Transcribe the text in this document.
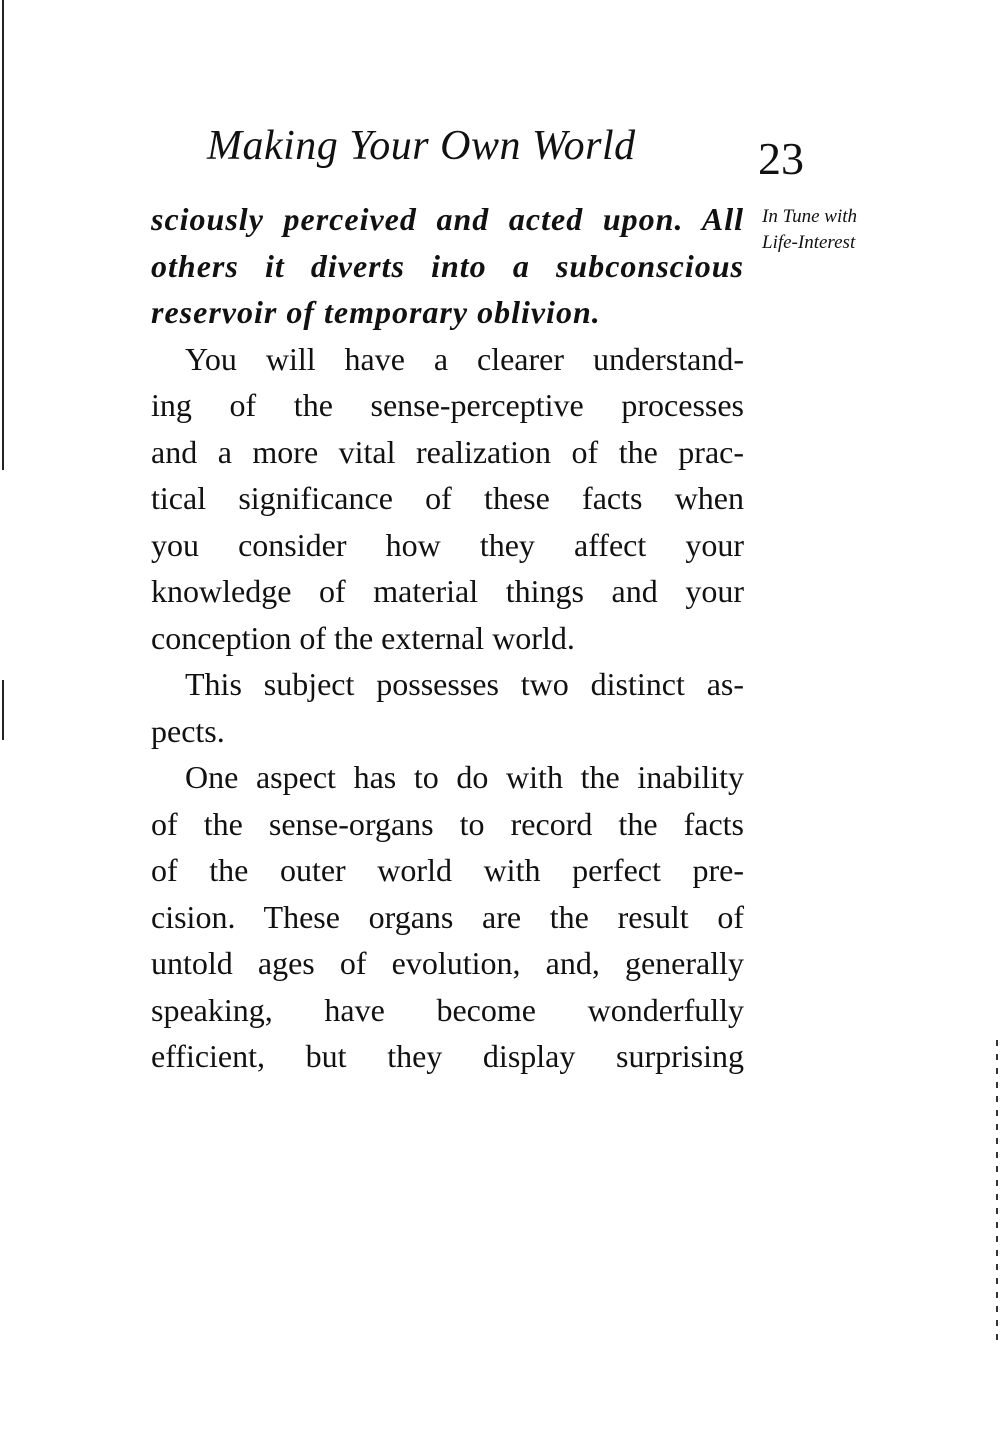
Making Your Own World	23
In Tune with
Life-Interest
sciously perceived and acted upon. All
others it diverts into a subconscious
reservoir of temporary oblivion.
You will have a clearer understand-
ing of the sense-perceptive processes
and a more vital realization of the prac-
tical significance of these facts when
you consider how they affect your
knowledge of material things and your
conception of the external world.
This subject possesses two distinct as-
pects.
One aspect has to do with the inability
of the sense-organs to record the facts
of the outer world with perfect pre-
cision. These organs are the result of
untold ages of evolution, and, generally
speaking, have become wonderfully
efficient, but they display surprising
